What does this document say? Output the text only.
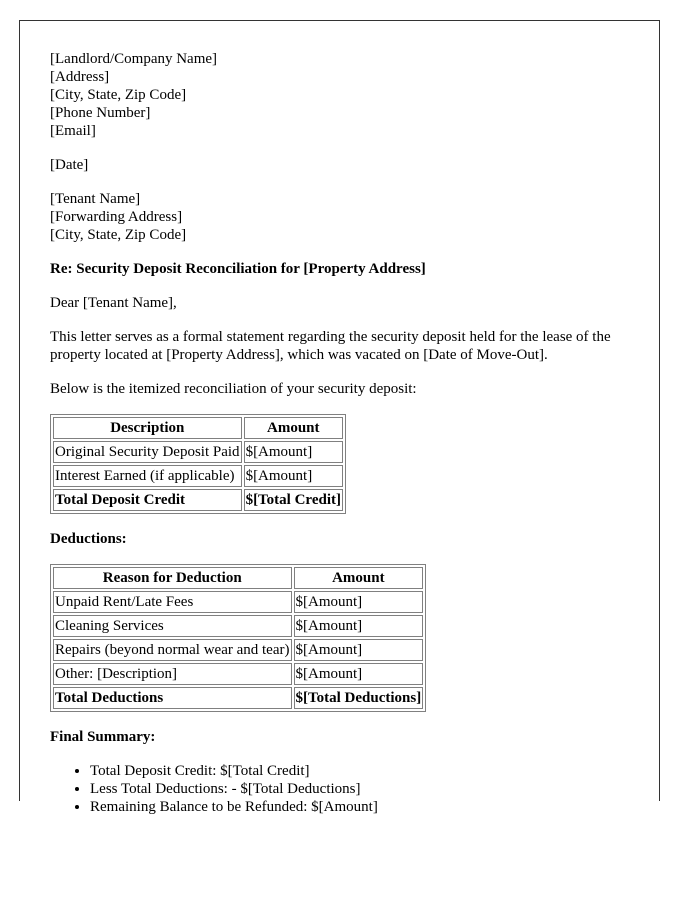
[Landlord/Company Name]
[Address]
[City, State, Zip Code]
[Phone Number]
[Email]

[Date]

[Tenant Name]
[Forwarding Address]
[City, State, Zip Code]

Re: Security Deposit Reconciliation for [Property Address]

Dear [Tenant Name],

This letter serves as a formal statement regarding the security deposit held for the lease of the property located at [Property Address], which was vacated on [Date of Move-Out].

Below is the itemized reconciliation of your security deposit:

Description	Amount
Original Security Deposit Paid	$[Amount]
Interest Earned (if applicable)	$[Amount]
Total Deposit Credit	$[Total Credit]
Deductions:
Reason for Deduction	Amount
Unpaid Rent/Late Fees	$[Amount]
Cleaning Services	$[Amount]
Repairs (beyond normal wear and tear)	$[Amount]
Other: [Description]	$[Amount]
Total Deductions	$[Total Deductions]
Final Summary:
• Total Deposit Credit: $[Total Credit]
• Less Total Deductions: - $[Total Deductions]
• Remaining Balance to be Refunded: $[Amount]
